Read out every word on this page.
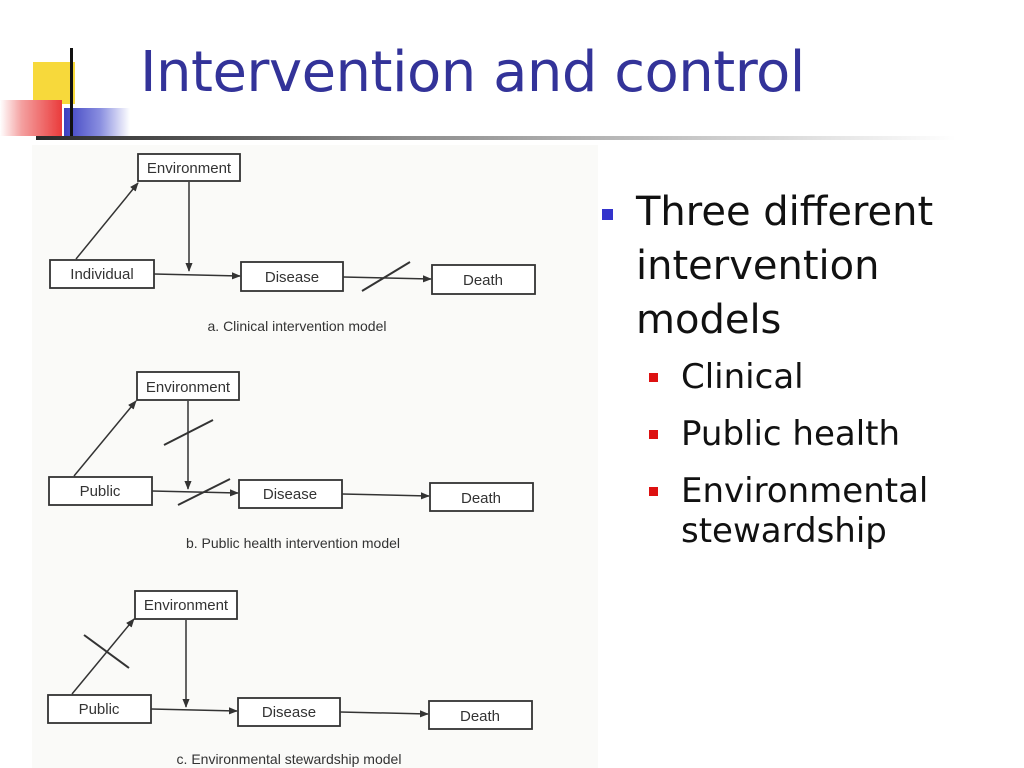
Intervention and control
Environment
Individual	Disease	Death
a. Clinical intervention model
Environment
Public	Disease	Death
b. Public health intervention model
Environment
Public	Disease	Death
c. Environmental stewardship model
Three different intervention models
Clinical
Public health
Environmental stewardship
